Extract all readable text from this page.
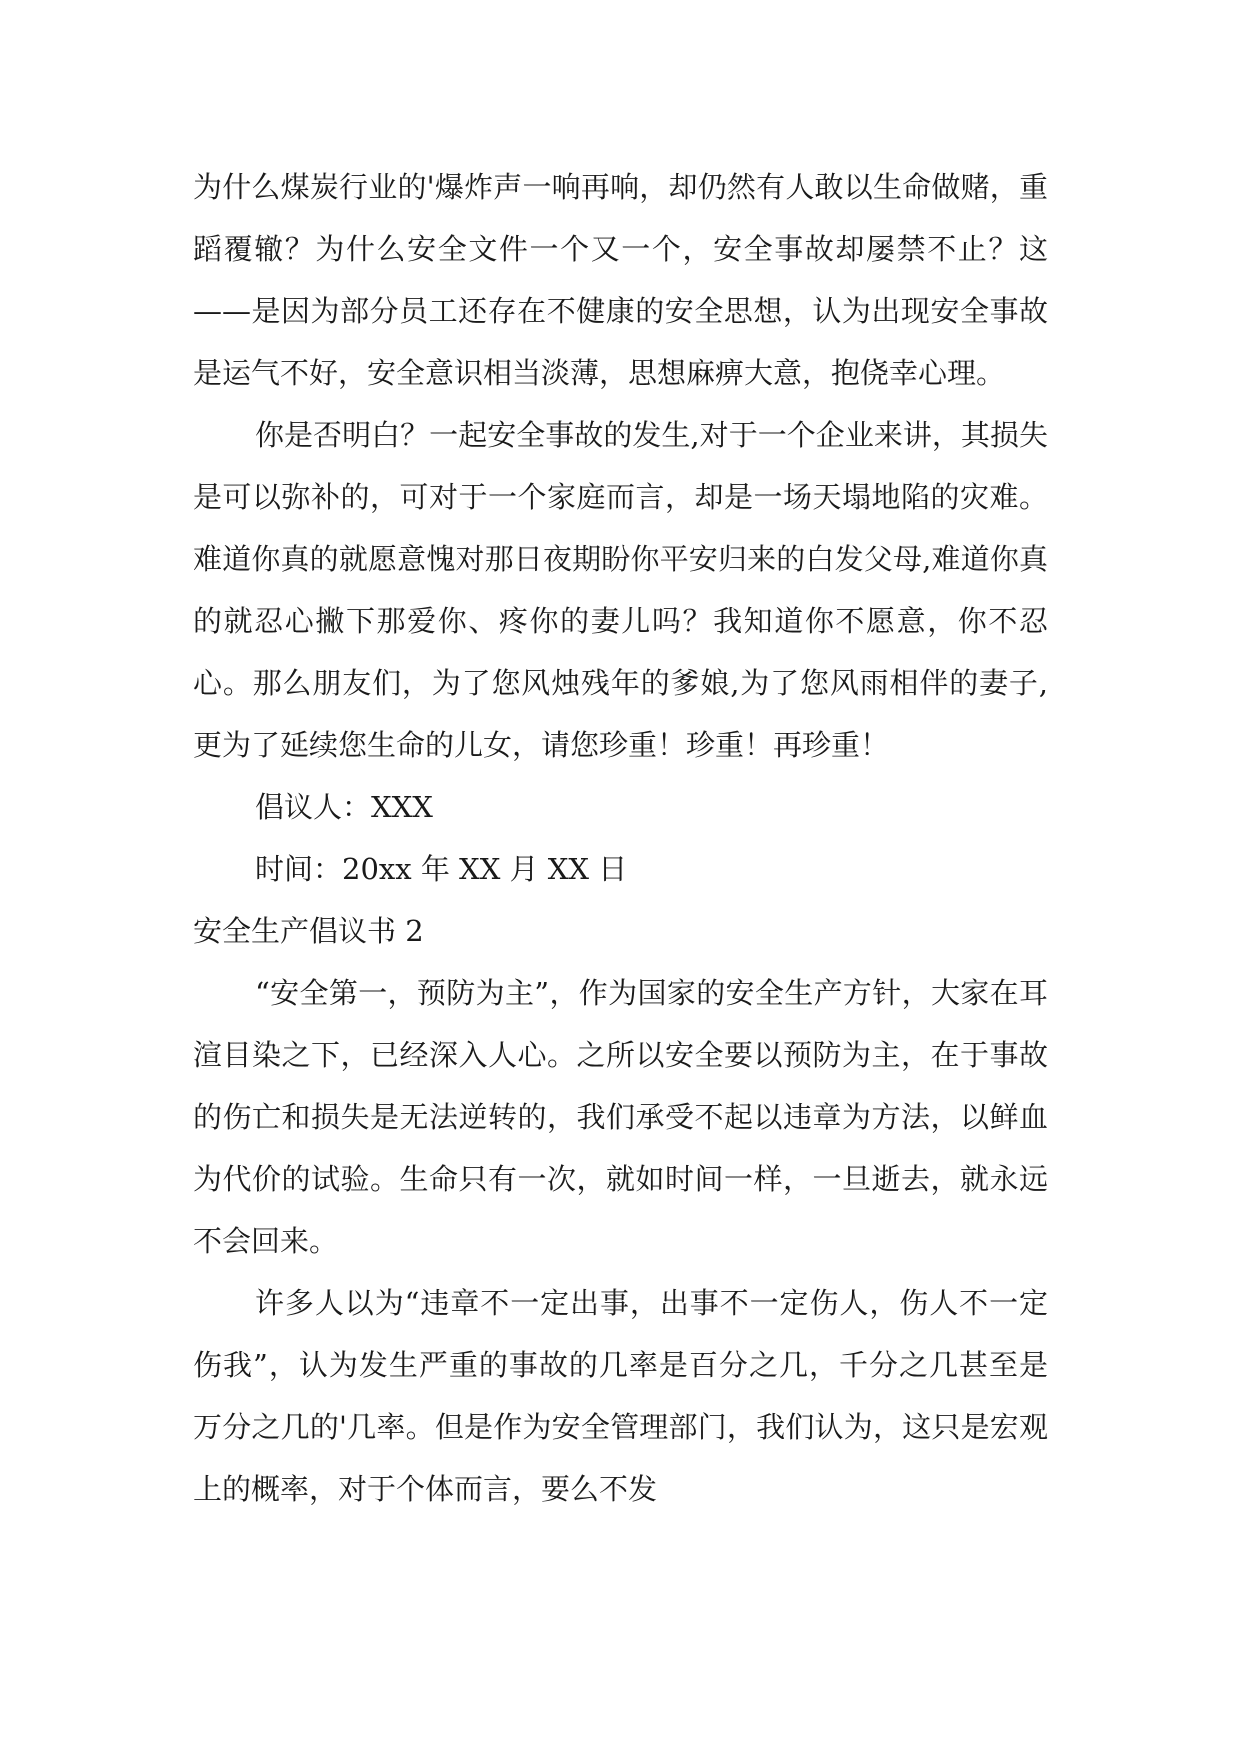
为什么煤炭行业的'爆炸声一响再响，却仍然有人敢以生命做赌，重蹈覆辙？为什么安全文件一个又一个，安全事故却屡禁不止？这——是因为部分员工还存在不健康的安全思想，认为出现安全事故是运气不好，安全意识相当淡薄，思想麻痹大意，抱侥幸心理。

你是否明白？一起安全事故的发生,对于一个企业来讲，其损失是可以弥补的，可对于一个家庭而言，却是一场天塌地陷的灾难。难道你真的就愿意愧对那日夜期盼你平安归来的白发父母,难道你真的就忍心撇下那爱你、疼你的妻儿吗？我知道你不愿意，你不忍心。那么朋友们，为了您风烛残年的爹娘,为了您风雨相伴的妻子,更为了延续您生命的儿女，请您珍重！珍重！再珍重！

倡议人：XXX

时间：20xx 年 XX 月 XX 日

安全生产倡议书 2

“安全第一，预防为主”，作为国家的安全生产方针，大家在耳渲目染之下，已经深入人心。之所以安全要以预防为主，在于事故的伤亡和损失是无法逆转的，我们承受不起以违章为方法，以鲜血为代价的试验。生命只有一次，就如时间一样，一旦逝去，就永远不会回来。

许多人以为“违章不一定出事，出事不一定伤人，伤人不一定伤我”，认为发生严重的事故的几率是百分之几，千分之几甚至是万分之几的'几率。但是作为安全管理部门，我们认为，这只是宏观上的概率，对于个体而言，要么不发
